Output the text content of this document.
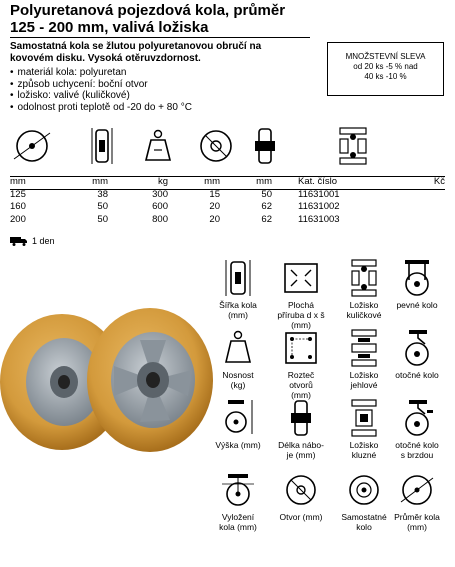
Polyuretanová pojezdová kola, průměr
125 - 200 mm, valivá ložiska
Samostatná kola se žlutou polyuretanovou obručí na
kovovém disku. Vysoká otěruvzdornost.
• materiál kola: polyuretan
• způsob uchycení: boční otvor
• ložisko: valivé (kuličkové)
• odolnost proti teplotě od -20 do + 80 °C
MNOŽSTEVNÍ SLEVA
od 20 ks -5 % nad
40 ks -10 %
mm	mm	kg	mm	mm	Kat. číslo	Kč
125	38	300	15	50	11631001	
160	50	600	20	62	11631002	
200	50	800	20	62	11631003	
1 den
Šířka kola
(mm)
Plochá
příruba d x š
(mm)
Ložisko
kuličkové
pevné kolo
Nosnost
(kg)
Rozteč
otvorů
(mm)
Ložisko
jehlové
otočné kolo
Výška (mm)	Délka nábo-
je (mm)
Ložisko
kluzné
otočné kolo
s brzdou
Vyložení
kola (mm)
Otvor (mm)	Samostatné
kolo
Průměr kola
(mm)
